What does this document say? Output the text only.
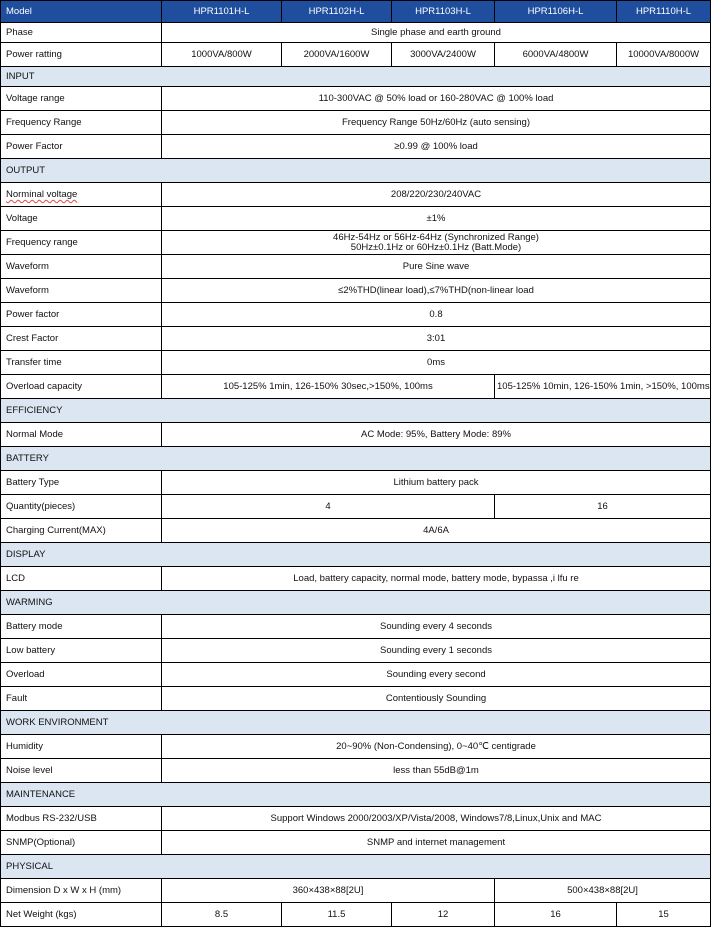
Model	HPR1101H-L	HPR1102H-L	HPR1103H-L	HPR1106H-L	HPR1110H-L
Phase	Single phase and earth ground				
Power ratting	1000VA/800W	2000VA/1600W	3000VA/2400W	6000VA/4800W	10000VA/8000W
INPUT					
Voltage range	110-300VAC @ 50% load or 160-280VAC @ 100% load				
Frequency Range	Frequency Range 50Hz/60Hz (auto sensing)				
Power Factor	≥0.99 @ 100% load				
OUTPUT					
Norminal voltage	208/220/230/240VAC				
Voltage	±1%				
Frequency range	46Hz-54Hz or 56Hz-64Hz (Synchronized Range)
50Hz±0.1Hz or 60Hz±0.1Hz (Batt.Mode)				

Waveform	Pure Sine wave				
Waveform	≤2%THD(linear load),≤7%THD(non-linear load				
Power factor	0.8				
Crest Factor	3:01				
Transfer time	0ms				
Overload capacity	105-125% 1min, 126-150% 30sec,>150%, 100ms			105-125% 10min, 126-150% 1min, >150%, 100ms	
EFFICIENCY					
Normal Mode	AC Mode: 95%, Battery Mode: 89%				
BATTERY					
Battery Type	Lithium battery pack				
Quantity(pieces)	4			16	
Charging Current(MAX)	4A/6A				
DISPLAY					
LCD	Load, battery capacity, normal mode, battery mode, bypassa ,i lfu re				
WARMING					
Battery mode	Sounding every 4 seconds				
Low battery	Sounding every 1 seconds				
Overload	Sounding every second				
Fault	Contentiously Sounding				
WORK ENVIRONMENT					
Humidity	20~90% (Non-Condensing), 0~40℃ centigrade				
Noise level	less than 55dB@1m				
MAINTENANCE					
Modbus RS-232/USB	Support Windows 2000/2003/XP/Vista/2008, Windows7/8,Linux,Unix and MAC				
SNMP(Optional)	SNMP and internet management				
PHYSICAL					
Dimension D x W x H (mm)	360×438×88[2U]			500×438×88[2U]	
Net Weight (kgs)	8.5	11.5	12	16	15
